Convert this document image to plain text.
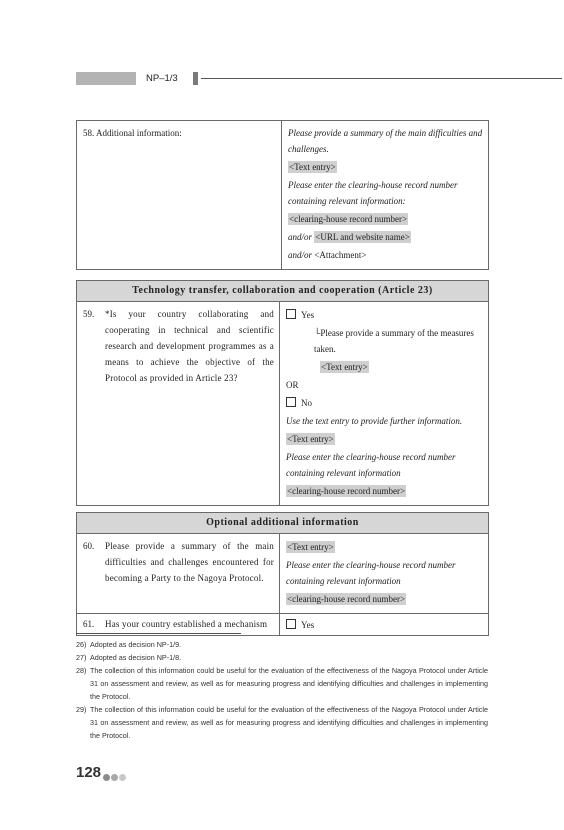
NP–1/3
58. Additional information:	Please provide a summary of the main difficulties and challenges.
<Text entry>
Please enter the clearing-house record number containing relevant information:
<clearing-house record number>
and/or <URL and website name>
and/or <Attachment>
Technology transfer, collaboration and cooperation (Article 23)

59.	*Is your country collaborating and cooperating in technical and scientific research and development programmes as a means to achieve the objective of the Protocol as provided in Article 23?

Yes
└Please provide a summary of the measures taken.
<Text entry>
OR
No
Use the text entry to provide further information.
<Text entry>
Please enter the clearing-house record number containing relevant information
<clearing-house record number>
Optional additional information	

60. Please provide a summary of the main difficulties and challenges encountered for becoming a Party to the Nagoya Protocol.	<Text entry>
Please enter the clearing-house record number containing relevant information
<clearing-house record number>

61. Has your country established a mechanism	Yes
26)
Adopted as decision NP-1/9.
27)
Adopted as decision NP-1/8.
28)
The collection of this information could be useful for the evaluation of the effectiveness of the Nagoya Protocol under Article 31 on assessment and review, as well as for measuring progress and identifying difficulties and challenges in implementing the Protocol.
29)
The collection of this information could be useful for the evaluation of the effectiveness of the Nagoya Protocol under Article 31 on assessment and review, as well as for measuring progress and identifying difficulties and challenges in implementing the Protocol.
128
